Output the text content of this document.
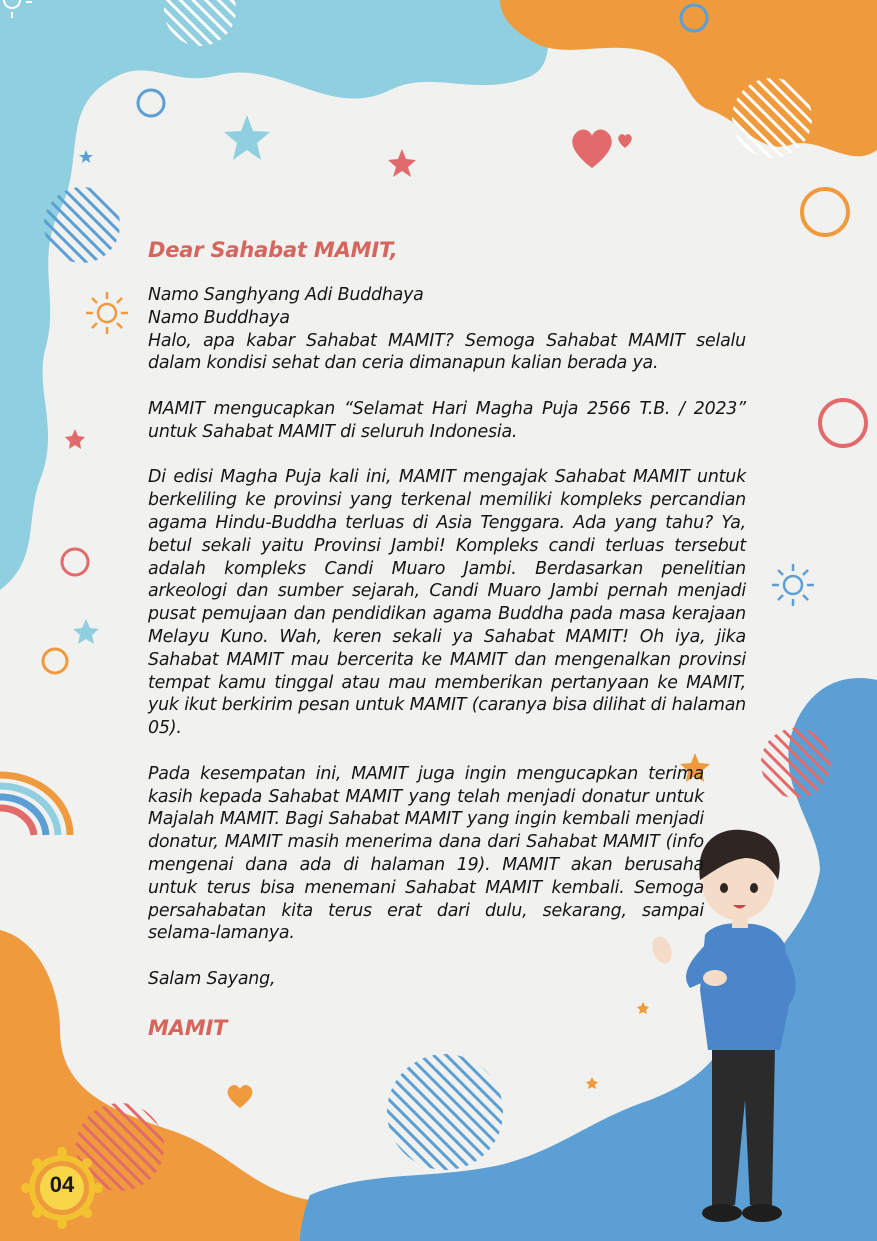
Dear Sahabat MAMIT,

Namo Sanghyang Adi Buddhaya
Namo Buddhaya

Halo, apa kabar Sahabat MAMIT? Semoga Sahabat MAMIT selalu dalam kondisi sehat dan ceria dimanapun kalian berada ya.

MAMIT mengucapkan “Selamat Hari Magha Puja 2566 T.B. / 2023” untuk Sahabat MAMIT di seluruh Indonesia.

Di edisi Magha Puja kali ini, MAMIT mengajak Sahabat MAMIT untuk berkeliling ke provinsi yang terkenal memiliki kompleks percandian agama Hindu-Buddha terluas di Asia Tenggara. Ada yang tahu? Ya, betul sekali yaitu Provinsi Jambi! Kompleks candi terluas tersebut adalah kompleks Candi Muaro Jambi. Berdasarkan penelitian arkeologi dan sumber sejarah, Candi Muaro Jambi pernah menjadi pusat pemujaan dan pendidikan agama Buddha pada masa kerajaan Melayu Kuno. Wah, keren sekali ya Sahabat MAMIT! Oh iya, jika Sahabat MAMIT mau bercerita ke MAMIT dan mengenalkan provinsi tempat kamu tinggal atau mau memberikan pertanyaan ke MAMIT, yuk ikut berkirim pesan untuk MAMIT (caranya bisa dilihat di halaman 05).

Pada kesempatan ini, MAMIT juga ingin mengucapkan terima kasih kepada Sahabat MAMIT yang telah menjadi donatur untuk Majalah MAMIT. Bagi Sahabat MAMIT yang ingin kembali menjadi donatur, MAMIT masih menerima dana dari Sahabat MAMIT (info mengenai dana ada di halaman 19). MAMIT akan berusaha untuk terus bisa menemani Sahabat MAMIT kembali. Semoga persahabatan kita terus erat dari dulu, sekarang, sampai selama-lamanya.

Salam Sayang,

MAMIT

04
